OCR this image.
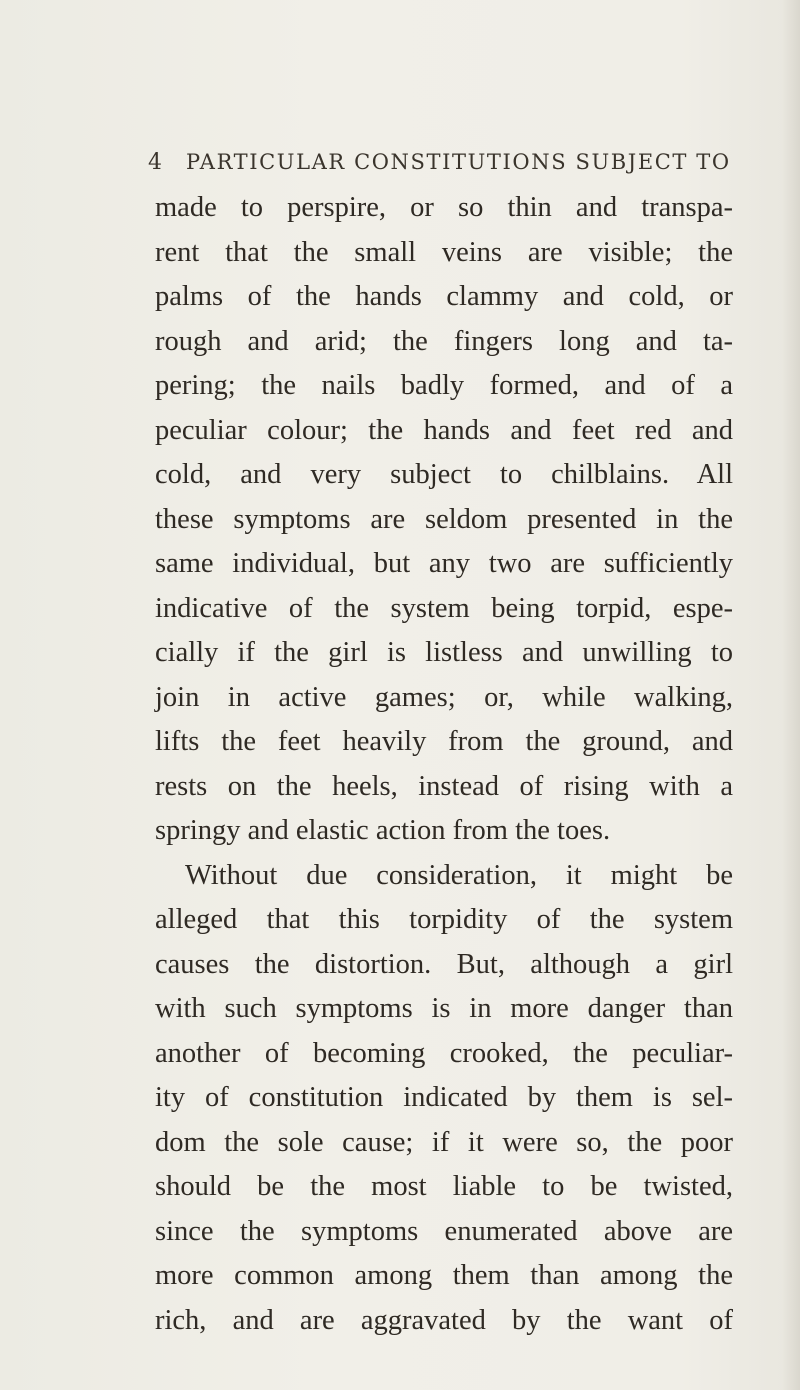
4 PARTICULAR CONSTITUTIONS SUBJECT TO
made to perspire, or so thin and transpa-
rent that the small veins are visible; the
palms of the hands clammy and cold, or
rough and arid; the fingers long and ta-
pering; the nails badly formed, and of a
peculiar colour; the hands and feet red and
cold, and very subject to chilblains. All
these symptoms are seldom presented in the
same individual, but any two are sufficiently
indicative of the system being torpid, espe-
cially if the girl is listless and unwilling to
join in active games; or, while walking,
lifts the feet heavily from the ground, and
rests on the heels, instead of rising with a
springy and elastic action from the toes.
Without due consideration, it might be
alleged that this torpidity of the system
causes the distortion. But, although a girl
with such symptoms is in more danger than
another of becoming crooked, the peculiar-
ity of constitution indicated by them is sel-
dom the sole cause; if it were so, the poor
should be the most liable to be twisted,
since the symptoms enumerated above are
more common among them than among the
rich, and are aggravated by the want of
